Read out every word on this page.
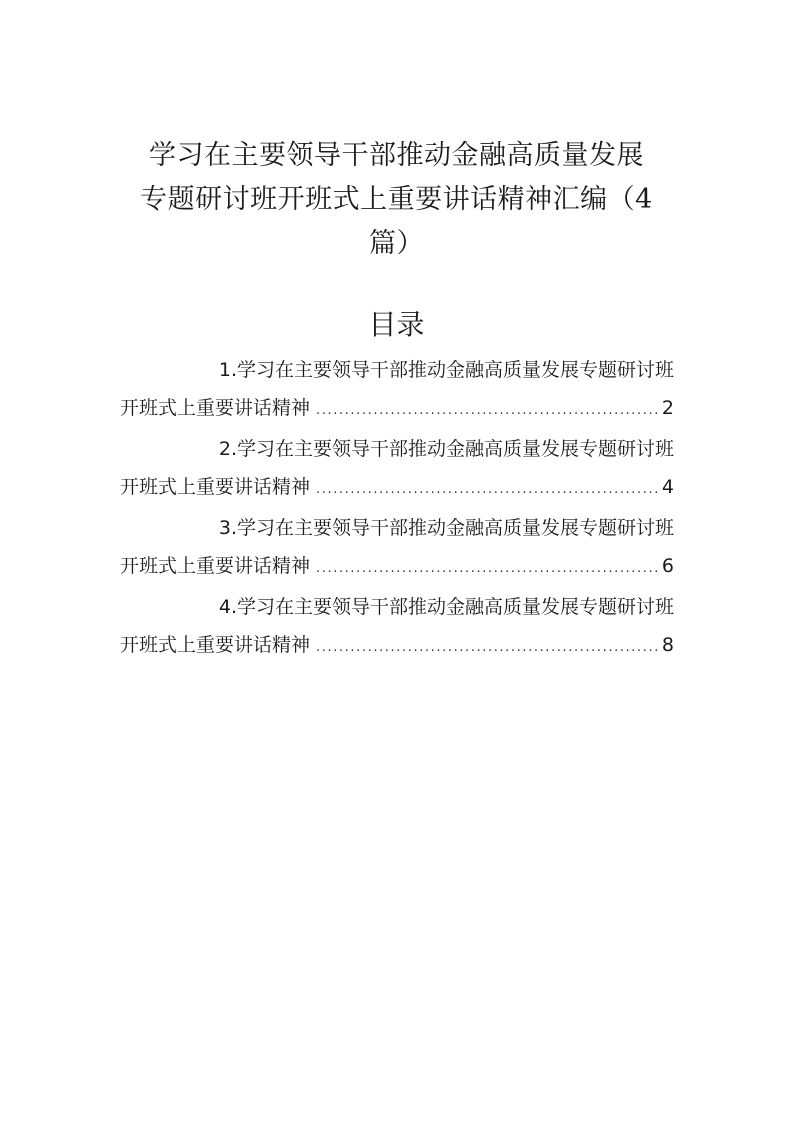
学习在主要领导干部推动金融高质量发展
专题研讨班开班式上重要讲话精神汇编（4
篇）
目录
1.学习在主要领导干部推动金融高质量发展专题研讨班
开班式上重要讲话精神 .....	2
2.学习在主要领导干部推动金融高质量发展专题研讨班
开班式上重要讲话精神 .....	4
3.学习在主要领导干部推动金融高质量发展专题研讨班
开班式上重要讲话精神 .....	6
4.学习在主要领导干部推动金融高质量发展专题研讨班
开班式上重要讲话精神 .....	8
